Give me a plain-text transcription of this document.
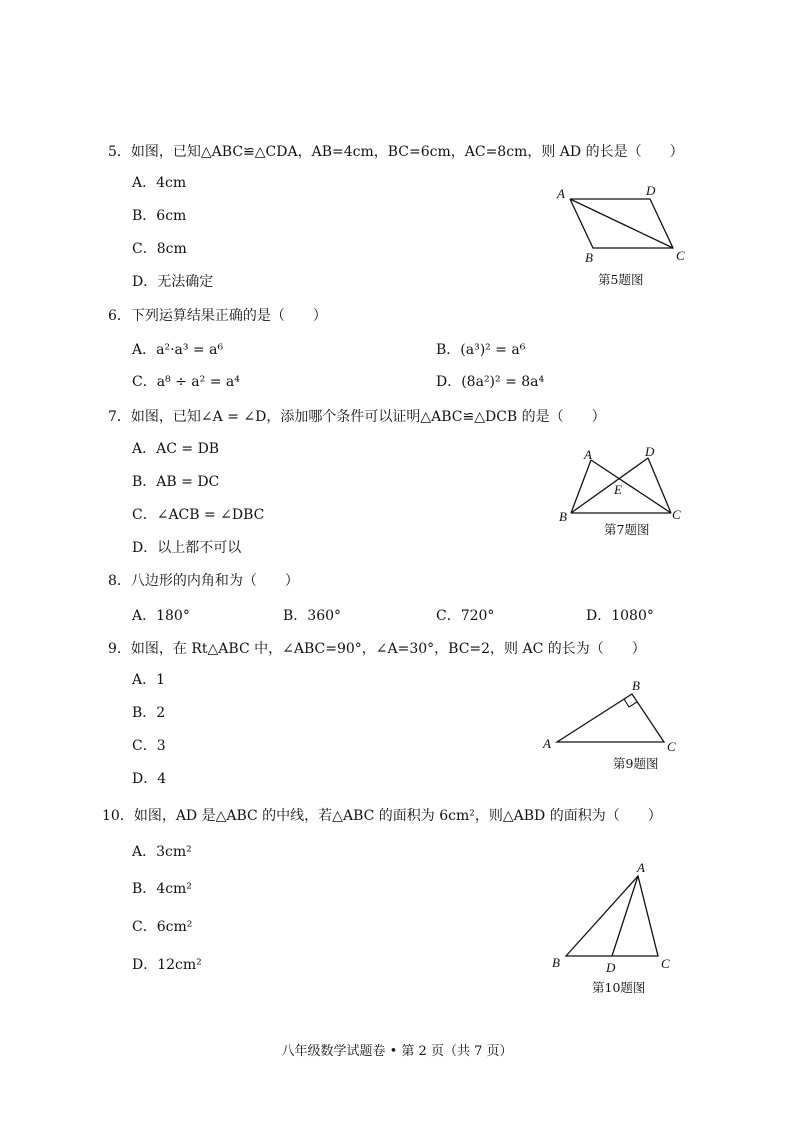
5．如图，已知△ABC≌△CDA，AB=4cm，BC=6cm，AC=8cm，则 AD 的长是（　　）
A．4cm
B．6cm
C．8cm
D．无法确定
A	D
B	C
第5题图
6．下列运算结果正确的是（　　）
A．a²·a³ = a⁶	B．(a³)² = a⁶
C．a⁸ ÷ a² = a⁴	D．(8a²)² = 8a⁴
7．如图，已知∠A = ∠D，添加哪个条件可以证明△ABC≌△DCB 的是（　　）
A．AC = DB
B．AB = DC
C．∠ACB = ∠DBC
D．以上都不可以
A	D
E
B	C
第7题图
8．八边形的内角和为（　　）
A．180°	B．360°	C．720°	D．1080°
9．如图，在 Rt△ABC 中，∠ABC=90°，∠A=30°，BC=2，则 AC 的长为（　　）
A．1
B．2
C．3
D．4
B
A	C
第9题图
10．如图，AD 是△ABC 的中线，若△ABC 的面积为 6cm²，则△ABD 的面积为（　　）
A．3cm²
B．4cm²
C．6cm²
D．12cm²
A
B	D	C
第10题图
八年级数学试题卷 • 第 2 页（共 7 页）
